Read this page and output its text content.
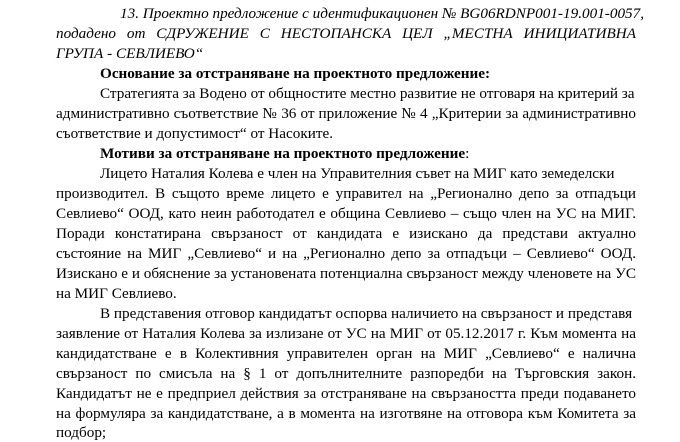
13. Проектно предложение с идентификационен № BG06RDNP001-19.001-0057,
подадено от СДРУЖЕНИЕ С НЕСТОПАНСКА ЦЕЛ „МЕСТНА ИНИЦИАТИВНА
ГРУПА - СЕВЛИЕВО“
Основание за отстраняване на проектното предложение:
Стратегията за Водено от общностите местно развитие не отговаря на критерий за
административно съответствие № 36 от приложение № 4 „Критерии за административно
съответствие и допустимост“ от Насоките.
Мотиви за отстраняване на проектното предложение:
Лицето Наталия Колева е член на Управителния съвет на МИГ като земеделски
производител. В същото време лицето е управител на „Регионално депо за отпадъци
Севлиево“ ООД, като неин работодател е община Севлиево – също член на УС на МИГ.
Поради констатирана свързаност от кандидата е изискано да представи актуално
състояние на МИГ „Севлиево“ и на „Регионално депо за отпадъци – Севлиево“ ООД.
Изискано е и обяснение за установената потенциална свързаност между членовете на УС
на МИГ Севлиево.
В представения отговор кандидатът оспорва наличието на свързаност и представя
заявление от Наталия Колева за излизане от УС на МИГ от 05.12.2017 г. Към момента на
кандидатстване е в Колективния управителен орган на МИГ „Севлиево“ е налична
свързаност по смисъла на § 1 от допълнителните разпоредби на Търговския закон.
Кандидатът не е предприел действия за отстраняване на свързаността преди подаването
на формуляра за кандидатстване, а в момента на изготвяне на отговора към Комитета за
подбор;
